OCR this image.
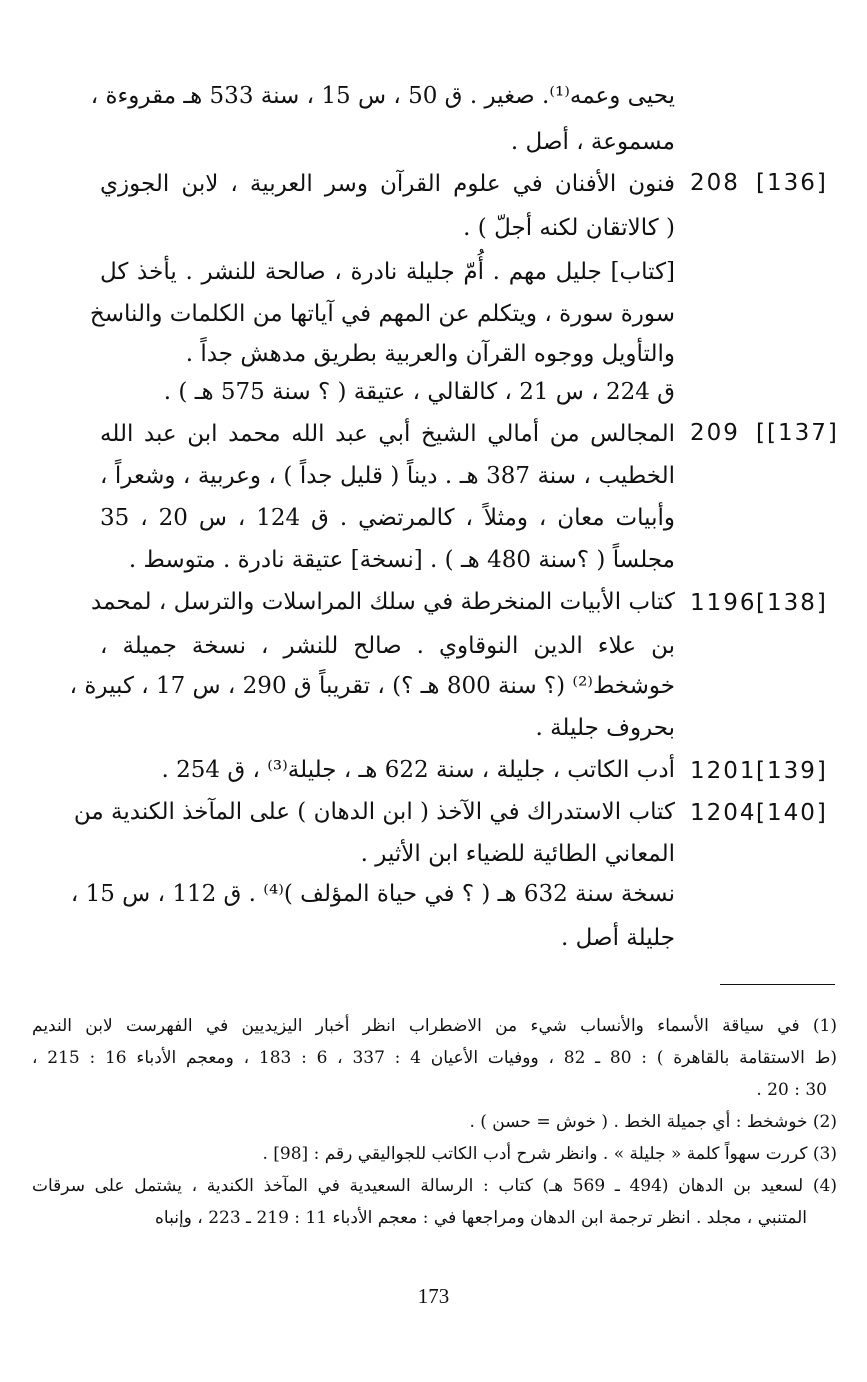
يحيى وعمه⁽¹⁾. صغير . ق 50 ، س 15 ، سنة 533 هـ مقروءة ،
مسموعة ، أصل .
208 [136]
فنون الأفنان في علوم القرآن وسر العربية ، لابن الجوزي
( كالاتقان لكنه أجلّ ) .
[كتاب] جليل مهم . أُمّ جليلة نادرة ، صالحة للنشر . يأخذ كل
سورة سورة ، ويتكلم عن المهم في آياتها من الكلمات والناسخ
والتأويل ووجوه القرآن والعربية بطريق مدهش جداً .
ق 224 ، س 21 ، كالقالي ، عتيقة ( ؟ سنة 575 هـ ) .
209 [[137]
المجالس من أمالي الشيخ أبي عبد الله محمد ابن عبد الله
الخطيب ، سنة 387 هـ . ديناً ( قليل جداً ) ، وعربية ، وشعراً ،
وأبيات معان ، ومثلاً ، كالمرتضي . ق 124 ، س 20 ، 35
مجلساً ( ؟سنة 480 هـ ) . [نسخة] عتيقة نادرة . متوسط .
1196[138]
كتاب الأبيات المنخرطة في سلك المراسلات والترسل ، لمحمد
بن علاء الدين النوقاوي . صالح للنشر ، نسخة جميلة ،
خوشخط⁽²⁾ (؟ سنة 800 هـ ؟) ، تقريباً ق 290 ، س 17 ، كبيرة ،
بحروف جليلة .
1201[139]
أدب الكاتب ، جليلة ، سنة 622 هـ ، جليلة⁽³⁾ ، ق 254 .
1204[140]
كتاب الاستدراك في الآخذ ( ابن الدهان ) على المآخذ الكندية من
المعاني الطائية للضياء ابن الأثير .
نسخة سنة 632 هـ ( ؟ في حياة المؤلف )⁽⁴⁾ . ق 112 ، س 15 ،
جليلة أصل .
(1) في سياقة الأسماء والأنساب شيء من الاضطراب انظر أخبار اليزيديين في الفهرست لابن النديم
(ط الاستقامة بالقاهرة ) : 80 ـ 82 ، ووفيات الأعيان 4 : 337 ، 6 : 183 ، ومعجم الأدباء 16 : 215 ،
30 : 20 .
(2) خوشخط : أي جميلة الخط . ( خوش = حسن ) .
(3) كررت سهواً كلمة « جليلة » . وانظر شرح أدب الكاتب للجواليقي رقم : [98] .
(4) لسعيد بن الدهان (494 ـ 569 هـ) كتاب : الرسالة السعيدية في المآخذ الكندية ، يشتمل على سرقات
المتنبي ، مجلد . انظر ترجمة ابن الدهان ومراجعها في : معجم الأدباء 11 : 219 ـ 223 ، وإنباه
173
